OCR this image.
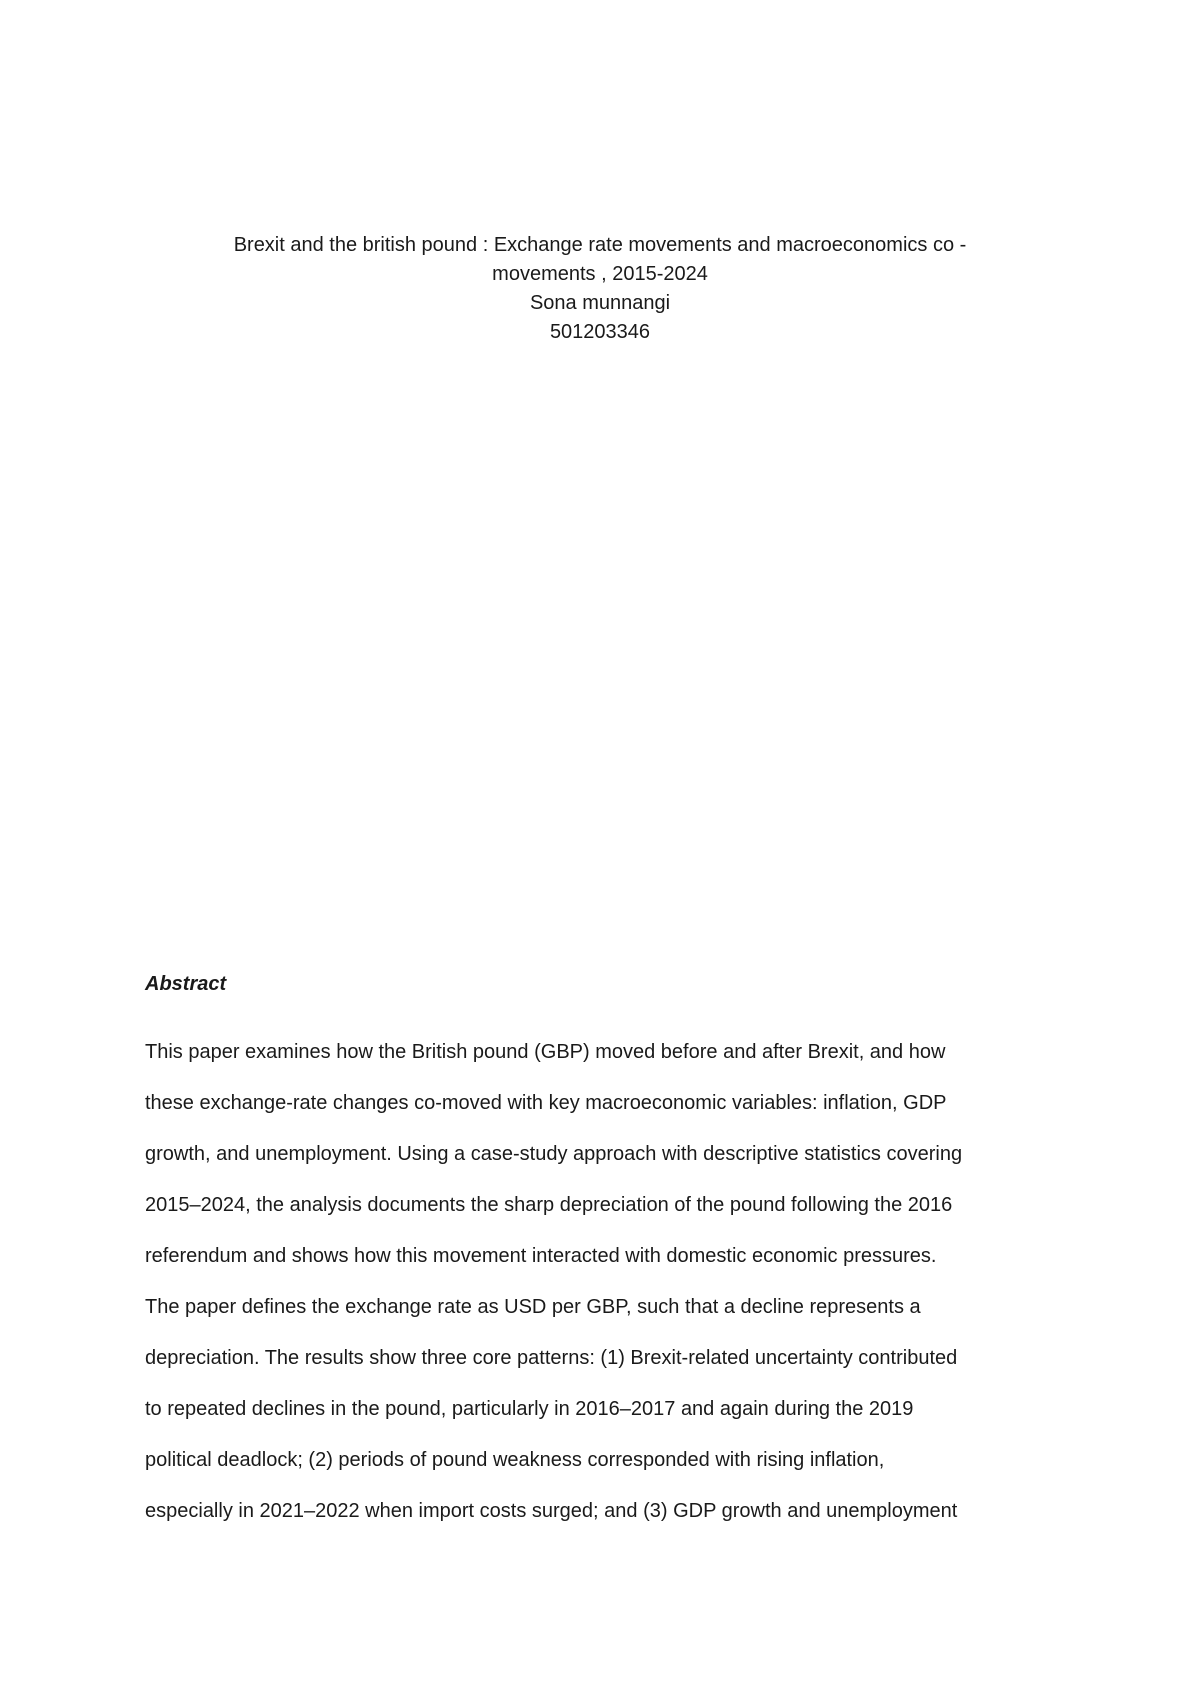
Brexit and the british pound : Exchange rate movements and macroeconomics co -
movements , 2015-2024
Sona munnangi
501203346
Abstract

This paper examines how the British pound (GBP) moved before and after Brexit, and how

these exchange-rate changes co-moved with key macroeconomic variables: inflation, GDP

growth, and unemployment. Using a case-study approach with descriptive statistics covering

2015–2024, the analysis documents the sharp depreciation of the pound following the 2016

referendum and shows how this movement interacted with domestic economic pressures.

The paper defines the exchange rate as USD per GBP, such that a decline represents a

depreciation. The results show three core patterns: (1) Brexit-related uncertainty contributed

to repeated declines in the pound, particularly in 2016–2017 and again during the 2019

political deadlock; (2) periods of pound weakness corresponded with rising inflation,

especially in 2021–2022 when import costs surged; and (3) GDP growth and unemployment
